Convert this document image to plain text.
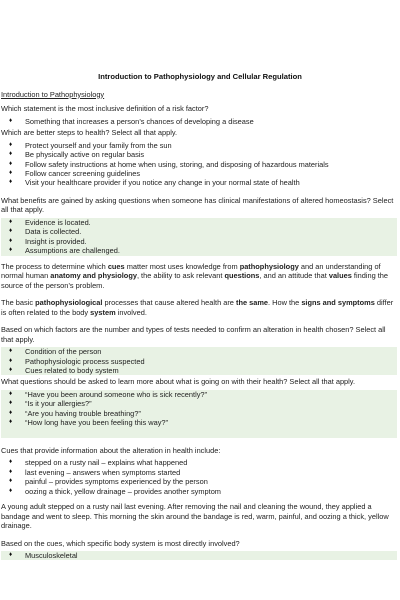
Introduction to Pathophysiology and Cellular Regulation
Introduction to Pathophysiology

Which statement is the most inclusive definition of a risk factor?

♦ Something that increases a person’s chances of developing a disease

Which are better steps to health? Select all that apply.

♦ Protect yourself and your family from the sun
♦ Be physically active on regular basis
♦ Follow safety instructions at home when using, storing, and disposing of hazardous materials
♦ Follow cancer screening guidelines
♦ Visit your healthcare provider if you notice any change in your normal state of health

What benefits are gained by asking questions when someone has clinical manifestations of altered homeostasis? Select all that apply.

♦ Evidence is located.
♦ Data is collected.
♦ Insight is provided.
♦ Assumptions are challenged.

The process to determine which cues matter most uses knowledge from pathophysiology and an understanding of normal human anatomy and physiology, the ability to ask relevant questions, and an attitude that values finding the source of the person’s problem.

The basic pathophysiological processes that cause altered health are the same. How the signs and symptoms differ is often related to the body system involved.

Based on which factors are the number and types of tests needed to confirm an alteration in health chosen? Select all that apply.

♦ Condition of the person
♦ Pathophysiologic process suspected
♦ Cues related to body system

What questions should be asked to learn more about what is going on with their health? Select all that apply.

♦ “Have you been around someone who is sick recently?”
♦ “Is it your allergies?”
♦ “Are you having trouble breathing?”
♦ “How long have you been feeling this way?”

Cues that provide information about the alteration in health include:

♦ stepped on a rusty nail – explains what happened
♦ last evening – answers when symptoms started
♦ painful – provides symptoms experienced by the person
♦ oozing a thick, yellow drainage – provides another symptom

A young adult stepped on a rusty nail last evening. After removing the nail and cleaning the wound, they applied a bandage and went to sleep. This morning the skin around the bandage is red, warm, painful, and oozing a thick, yellow drainage.

Based on the cues, which specific body system is most directly involved?

♦ Musculoskeletal
